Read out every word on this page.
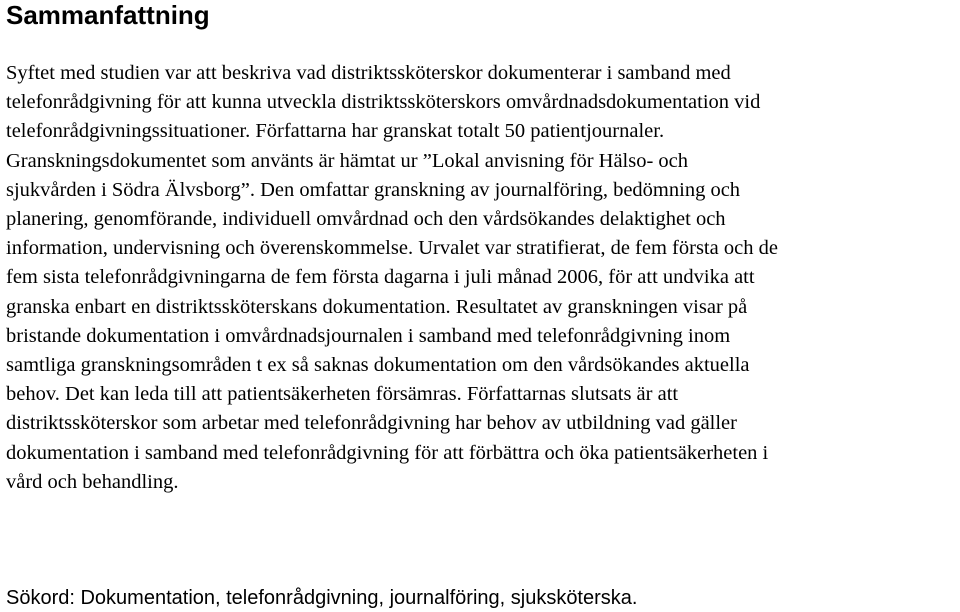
Sammanfattning
Syftet med studien var att beskriva vad distriktssköterskor dokumenterar i samband med
telefonrådgivning för att kunna utveckla distriktssköterskors omvårdnadsdokumentation vid
telefonrådgivningssituationer. Författarna har granskat totalt 50 patientjournaler.
Granskningsdokumentet som använts är hämtat ur ”Lokal anvisning för Hälso- och
sjukvården i Södra Älvsborg”. Den omfattar granskning av journalföring, bedömning och
planering, genomförande, individuell omvårdnad och den vårdsökandes delaktighet och
information, undervisning och överenskommelse. Urvalet var stratifierat, de fem första och de
fem sista telefonrådgivningarna de fem första dagarna i juli månad 2006, för att undvika att
granska enbart en distriktssköterskans dokumentation. Resultatet av granskningen visar på
bristande dokumentation i omvårdnadsjournalen i samband med telefonrådgivning inom
samtliga granskningsområden t ex så saknas dokumentation om den vårdsökandes aktuella
behov. Det kan leda till att patientsäkerheten försämras. Författarnas slutsats är att
distriktssköterskor som arbetar med telefonrådgivning har behov av utbildning vad gäller
dokumentation i samband med telefonrådgivning för att förbättra och öka patientsäkerheten i
vård och behandling.

Sökord: Dokumentation, telefonrådgivning, journalföring, sjuksköterska.
